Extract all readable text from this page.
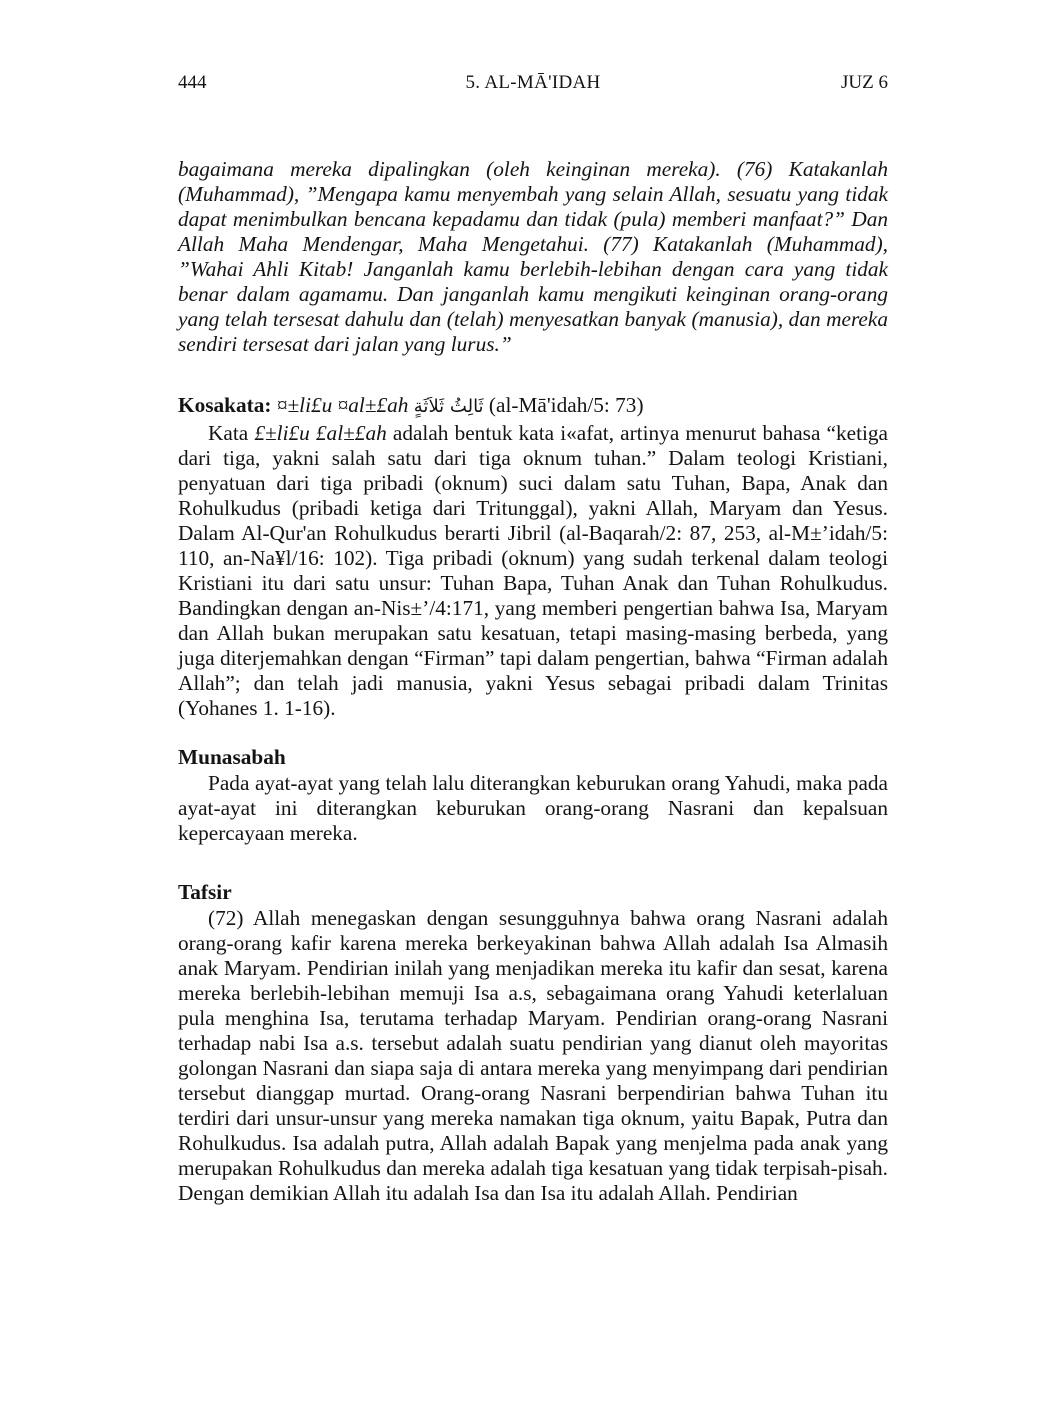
444	5. AL-MĀ'IDAH	JUZ 6

bagaimana mereka dipalingkan (oleh keinginan mereka). (76) Katakanlah (Muhammad), ”Mengapa kamu menyembah yang selain Allah, sesuatu yang tidak dapat menimbulkan bencana kepadamu dan tidak (pula) memberi manfaat?” Dan Allah Maha Mendengar, Maha Mengetahui. (77) Katakanlah (Muhammad), ”Wahai Ahli Kitab! Janganlah kamu berlebih-lebihan dengan cara yang tidak benar dalam agamamu. Dan janganlah kamu mengikuti keinginan orang-orang yang telah tersesat dahulu dan (telah) menyesatkan banyak (manusia), dan mereka sendiri tersesat dari jalan yang lurus.”

Kosakata: ¤±li£u ¤al±£ah ثَالِثُ ثَلاَثَةٍ (al-Mā'idah/5: 73)

Kata £±li£u £al±£ah adalah bentuk kata i«afat, artinya menurut bahasa “ketiga dari tiga, yakni salah satu dari tiga oknum tuhan.” Dalam teologi Kristiani, penyatuan dari tiga pribadi (oknum) suci dalam satu Tuhan, Bapa, Anak dan Rohulkudus (pribadi ketiga dari Tritunggal), yakni Allah, Maryam dan Yesus. Dalam Al-Qur'an Rohulkudus berarti Jibril (al-Baqarah/2: 87, 253, al-M±’idah/5: 110, an-Na¥l/16: 102). Tiga pribadi (oknum) yang sudah terkenal dalam teologi Kristiani itu dari satu unsur: Tuhan Bapa, Tuhan Anak dan Tuhan Rohulkudus. Bandingkan dengan an-Nis±’/4:171, yang memberi pengertian bahwa Isa, Maryam dan Allah bukan merupakan satu kesatuan, tetapi masing-masing berbeda, yang juga diterjemahkan dengan “Firman” tapi dalam pengertian, bahwa “Firman adalah Allah”; dan telah jadi manusia, yakni Yesus sebagai pribadi dalam Trinitas (Yohanes 1. 1-16).

Munasabah

Pada ayat-ayat yang telah lalu diterangkan keburukan orang Yahudi, maka pada ayat-ayat ini diterangkan keburukan orang-orang Nasrani dan kepalsuan kepercayaan mereka.

Tafsir

(72) Allah menegaskan dengan sesungguhnya bahwa orang Nasrani adalah orang-orang kafir karena mereka berkeyakinan bahwa Allah adalah Isa Almasih anak Maryam. Pendirian inilah yang menjadikan mereka itu kafir dan sesat, karena mereka berlebih-lebihan memuji Isa a.s, sebagaimana orang Yahudi keterlaluan pula menghina Isa, terutama terhadap Maryam. Pendirian orang-orang Nasrani terhadap nabi Isa a.s. tersebut adalah suatu pendirian yang dianut oleh mayoritas golongan Nasrani dan siapa saja di antara mereka yang menyimpang dari pendirian tersebut dianggap murtad. Orang-orang Nasrani berpendirian bahwa Tuhan itu terdiri dari unsur-unsur yang mereka namakan tiga oknum, yaitu Bapak, Putra dan Rohulkudus. Isa adalah putra, Allah adalah Bapak yang menjelma pada anak yang merupakan Rohulkudus dan mereka adalah tiga kesatuan yang tidak terpisah-pisah. Dengan demikian Allah itu adalah Isa dan Isa itu adalah Allah. Pendirian
